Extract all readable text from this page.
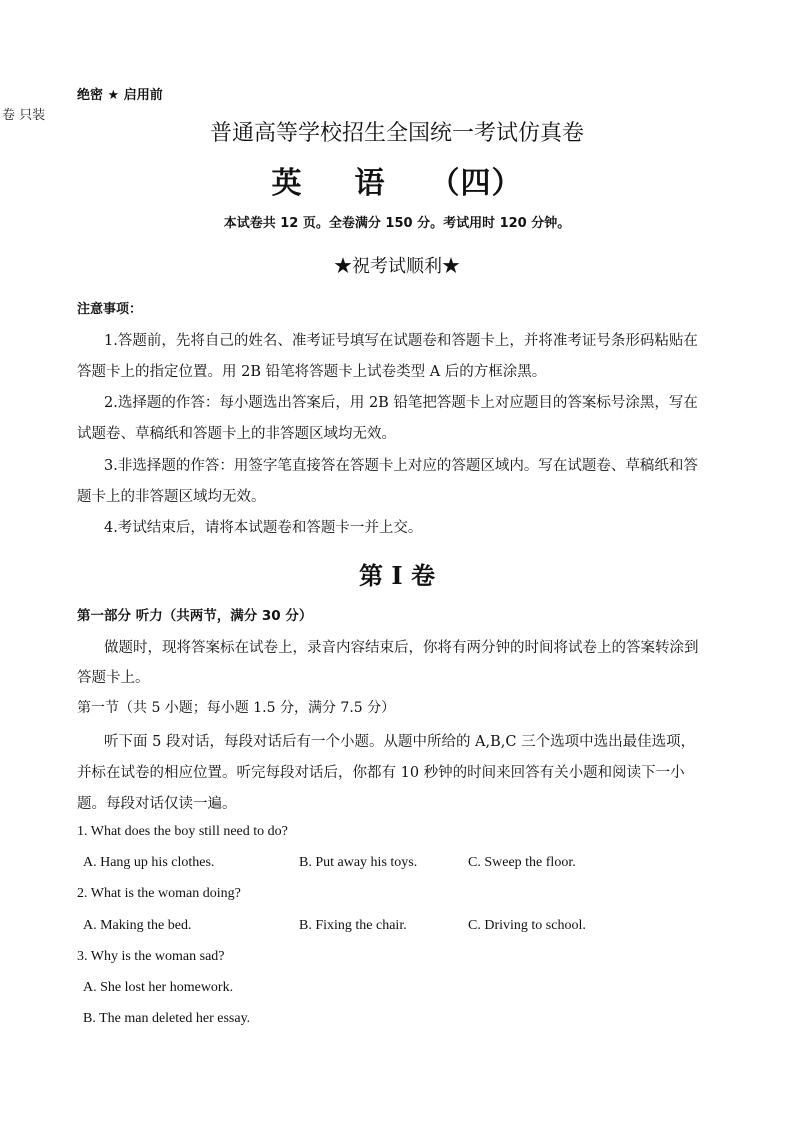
卷 只装
绝密 ★ 启用前
普通高等学校招生全国统一考试仿真卷
英 语 （四）
本试卷共 12 页。全卷满分 150 分。考试用时 120 分钟。
★祝考试顺利★
注意事项：
1.答题前，先将自己的姓名、准考证号填写在试题卷和答题卡上，并将准考证号条形码粘贴在
答题卡上的指定位置。用 2B 铅笔将答题卡上试卷类型 A 后的方框涂黑。
2.选择题的作答：每小题选出答案后，用 2B 铅笔把答题卡上对应题目的答案标号涂黑，写在
试题卷、草稿纸和答题卡上的非答题区域均无效。
3.非选择题的作答：用签字笔直接答在答题卡上对应的答题区域内。写在试题卷、草稿纸和答
题卡上的非答题区域均无效。
4.考试结束后，请将本试题卷和答题卡一并上交。
第 I 卷
第一部分 听力（共两节，满分 30 分）
做题时，现将答案标在试卷上，录音内容结束后，你将有两分钟的时间将试卷上的答案转涂到
答题卡上。
第一节（共 5 小题；每小题 1.5 分，满分 7.5 分）
听下面 5 段对话，每段对话后有一个小题。从题中所给的 A,B,C 三个选项中选出最佳选项，
并标在试卷的相应位置。听完每段对话后，你都有 10 秒钟的时间来回答有关小题和阅读下一小
题。每段对话仅读一遍。
1. What does the boy still need to do?
A. Hang up his clothes.	B. Put away his toys.	C. Sweep the floor.
2. What is the woman doing?
A. Making the bed.	B. Fixing the chair.	C. Driving to school.
3. Why is the woman sad?
A. She lost her homework.
B. The man deleted her essay.
